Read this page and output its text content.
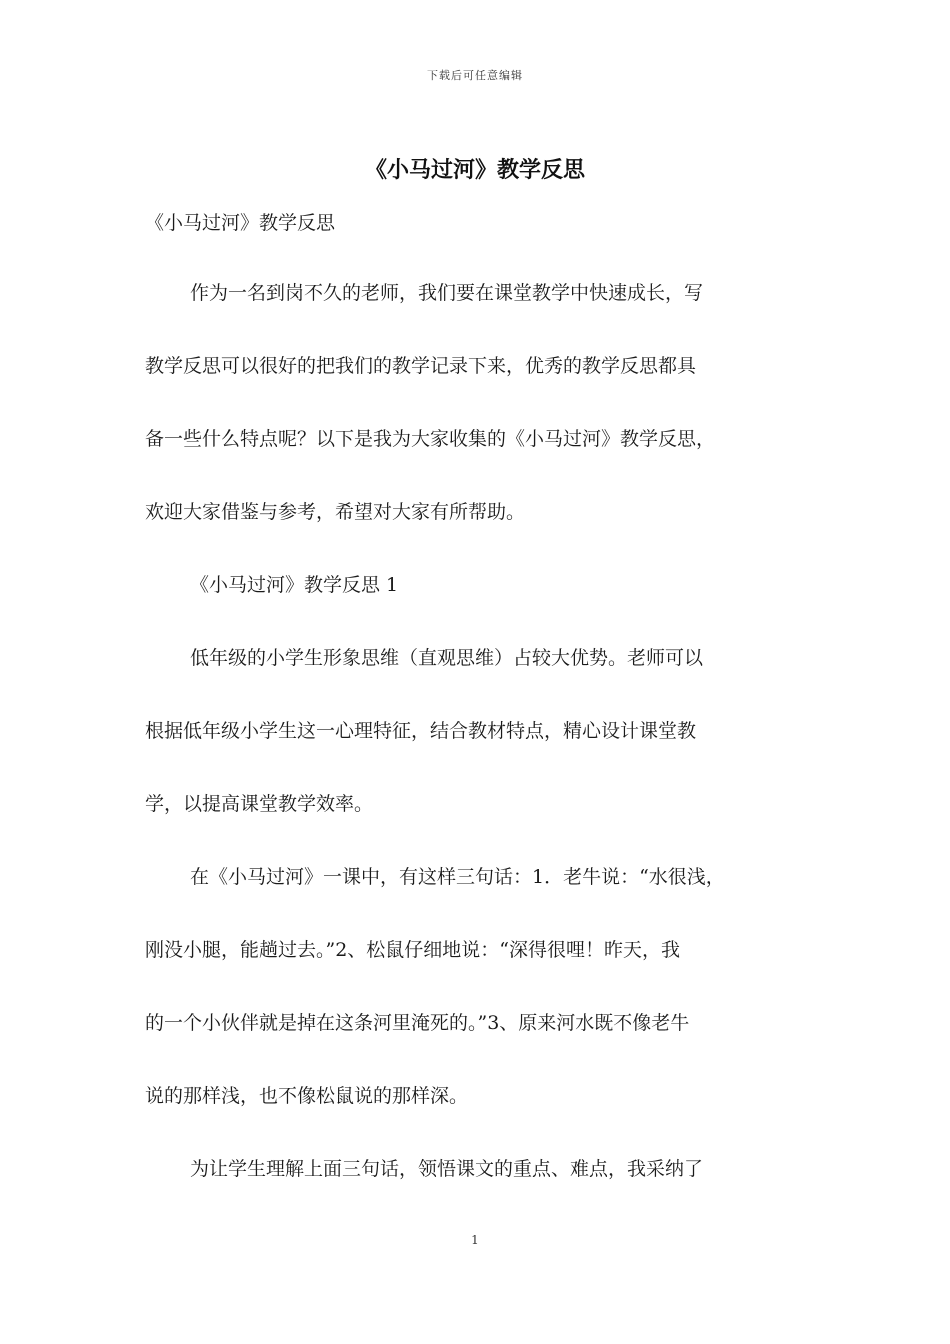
下载后可任意编辑
《小马过河》教学反思
《小马过河》教学反思
作为一名到岗不久的老师，我们要在课堂教学中快速成长，写
教学反思可以很好的把我们的教学记录下来，优秀的教学反思都具
备一些什么特点呢？以下是我为大家收集的《小马过河》教学反思，
欢迎大家借鉴与参考，希望对大家有所帮助。
《小马过河》教学反思 1
低年级的小学生形象思维（直观思维）占较大优势。老师可以
根据低年级小学生这一心理特征，结合教材特点，精心设计课堂教
学，以提高课堂教学效率。
在《小马过河》一课中，有这样三句话：1．老牛说：“水很浅，
刚没小腿，能趟过去。”2、松鼠仔细地说：“深得很哩！昨天，我
的一个小伙伴就是掉在这条河里淹死的。”3、原来河水既不像老牛
说的那样浅，也不像松鼠说的那样深。
为让学生理解上面三句话，领悟课文的重点、难点，我采纳了
1
